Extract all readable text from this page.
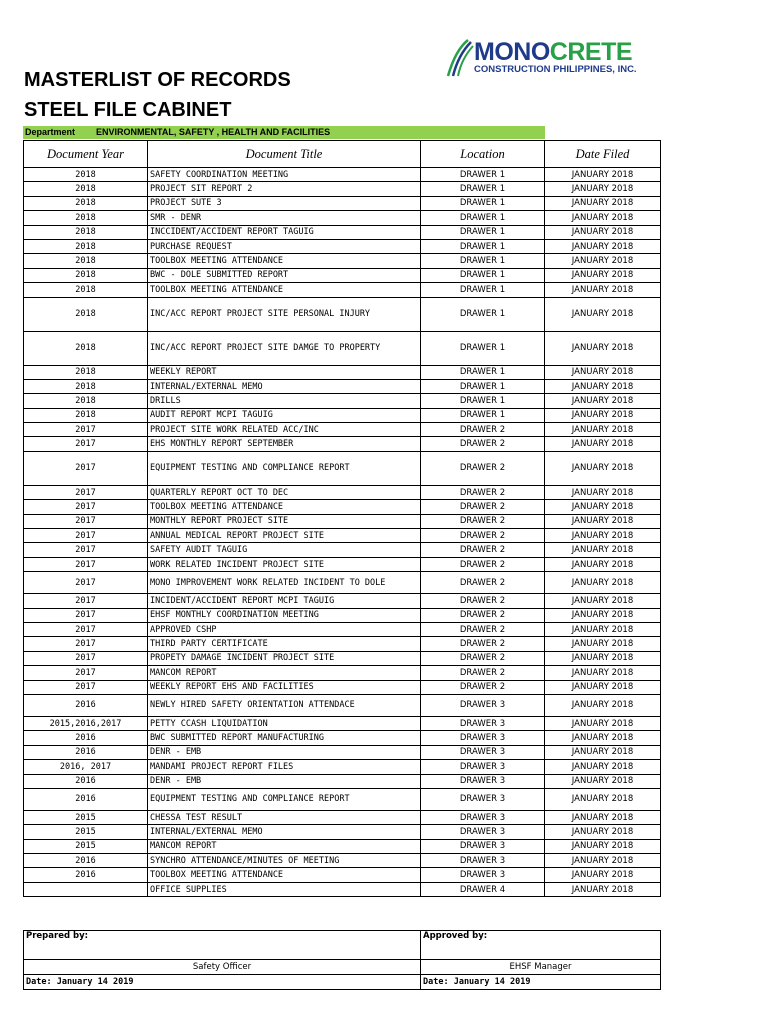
MONOCRETE
CONSTRUCTION PHILIPPINES, INC.
MASTERLIST OF RECORDS
STEEL FILE CABINET
Department ENVIRONMENTAL, SAFETY , HEALTH AND FACILITIES
Document Year	Document Title	Location	Date Filed
2018	SAFETY COORDINATION MEETING	DRAWER 1	JANUARY 2018
2018	PROJECT SIT REPORT 2	DRAWER 1	JANUARY 2018
2018	PROJECT SUTE 3	DRAWER 1	JANUARY 2018
2018	SMR - DENR	DRAWER 1	JANUARY 2018
2018	INCCIDENT/ACCIDENT REPORT TAGUIG	DRAWER 1	JANUARY 2018
2018	PURCHASE REQUEST	DRAWER 1	JANUARY 2018
2018	TOOLBOX MEETING ATTENDANCE	DRAWER 1	JANUARY 2018
2018	BWC - DOLE SUBMITTED REPORT	DRAWER 1	JANUARY 2018
2018	TOOLBOX MEETING ATTENDANCE	DRAWER 1	JANUARY 2018
2018	INC/ACC REPORT PROJECT SITE PERSONAL INJURY	DRAWER 1	JANUARY 2018
2018	INC/ACC REPORT PROJECT SITE DAMGE TO PROPERTY	DRAWER 1	JANUARY 2018
2018	WEEKLY REPORT	DRAWER 1	JANUARY 2018
2018	INTERNAL/EXTERNAL MEMO	DRAWER 1	JANUARY 2018
2018	DRILLS	DRAWER 1	JANUARY 2018
2018	AUDIT REPORT MCPI TAGUIG	DRAWER 1	JANUARY 2018
2017	PROJECT SITE WORK RELATED ACC/INC	DRAWER 2	JANUARY 2018
2017	EHS MONTHLY REPORT SEPTEMBER	DRAWER 2	JANUARY 2018
2017	EQUIPMENT TESTING AND COMPLIANCE REPORT	DRAWER 2	JANUARY 2018
2017	QUARTERLY REPORT OCT TO DEC	DRAWER 2	JANUARY 2018
2017	TOOLBOX MEETING ATTENDANCE	DRAWER 2	JANUARY 2018
2017	MONTHLY REPORT PROJECT SITE	DRAWER 2	JANUARY 2018
2017	ANNUAL MEDICAL REPORT PROJECT SITE	DRAWER 2	JANUARY 2018
2017	SAFETY AUDIT TAGUIG	DRAWER 2	JANUARY 2018
2017	WORK RELATED INCIDENT PROJECT SITE	DRAWER 2	JANUARY 2018
2017	MONO IMPROVEMENT WORK RELATED INCIDENT TO DOLE	DRAWER 2	JANUARY 2018
2017	INCIDENT/ACCIDENT REPORT MCPI TAGUIG	DRAWER 2	JANUARY 2018
2017	EHSF MONTHLY COORDINATION MEETING	DRAWER 2	JANUARY 2018
2017	APPROVED CSHP	DRAWER 2	JANUARY 2018
2017	THIRD PARTY CERTIFICATE	DRAWER 2	JANUARY 2018
2017	PROPETY DAMAGE INCIDENT PROJECT SITE	DRAWER 2	JANUARY 2018
2017	MANCOM REPORT	DRAWER 2	JANUARY 2018
2017	WEEKLY REPORT EHS AND FACILITIES	DRAWER 2	JANUARY 2018
2016	NEWLY HIRED SAFETY ORIENTATION ATTENDACE	DRAWER 3	JANUARY 2018
2015,2016,2017	PETTY CCASH LIQUIDATION	DRAWER 3	JANUARY 2018
2016	BWC SUBMITTED REPORT MANUFACTURING	DRAWER 3	JANUARY 2018
2016	DENR - EMB	DRAWER 3	JANUARY 2018
2016, 2017	MANDAMI PROJECT REPORT FILES	DRAWER 3	JANUARY 2018
2016	DENR - EMB	DRAWER 3	JANUARY 2018
2016	EQUIPMENT TESTING AND COMPLIANCE REPORT	DRAWER 3	JANUARY 2018
2015	CHESSA TEST RESULT	DRAWER 3	JANUARY 2018
2015	INTERNAL/EXTERNAL MEMO	DRAWER 3	JANUARY 2018
2015	MANCOM REPORT	DRAWER 3	JANUARY 2018
2016	SYNCHRO ATTENDANCE/MINUTES OF MEETING	DRAWER 3	JANUARY 2018
2016	TOOLBOX MEETING ATTENDANCE	DRAWER 3	JANUARY 2018
	OFFICE SUPPLIES	DRAWER 4	JANUARY 2018
Prepared by:	Approved by:
Safety Officer	EHSF Manager
Date: January 14 2019	Date: January 14 2019
